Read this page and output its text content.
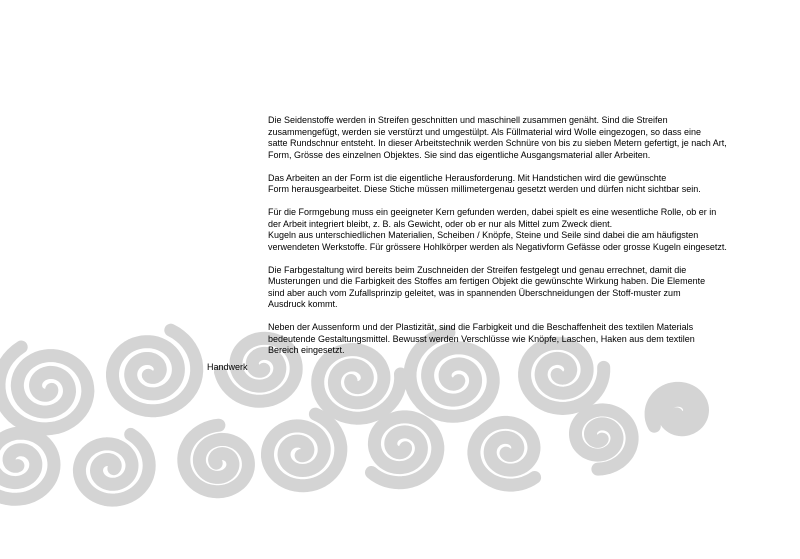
Handwerk

Die Seidenstoffe werden in Streifen geschnitten und maschinell zusammen genäht. Sind die Streifen
zusammengefügt, werden sie verstürzt und umgestülpt. Als Füllmaterial wird Wolle eingezogen, so dass eine
satte Rundschnur entsteht. In dieser Arbeitstechnik werden Schnüre von bis zu sieben Metern gefertigt, je nach Art,
Form, Grösse des einzelnen Objektes. Sie sind das eigentliche Ausgangsmaterial aller Arbeiten.

Das Arbeiten an der Form ist die eigentliche Herausforderung. Mit Handstichen wird die gewünschte
Form herausgearbeitet. Diese Stiche müssen millimetergenau gesetzt werden und dürfen nicht sichtbar sein.

Für die Formgebung muss ein geeigneter Kern gefunden werden, dabei spielt es eine wesentliche Rolle, ob er in
der Arbeit integriert bleibt, z. B. als Gewicht, oder ob er nur als Mittel zum Zweck dient.
Kugeln aus unterschiedlichen Materialien, Scheiben / Knöpfe, Steine und Seile sind dabei die am häufigsten
verwendeten Werkstoffe. Für grössere Hohlkörper werden als Negativform Gefässe oder grosse Kugeln eingesetzt.

Die Farbgestaltung wird bereits beim Zuschneiden der Streifen festgelegt und genau errechnet, damit die
Musterungen und die Farbigkeit des Stoffes am fertigen Objekt die gewünschte Wirkung haben. Die Elemente
sind aber auch vom Zufallsprinzip geleitet, was in spannenden Überschneidungen der Stoff-muster zum
Ausdruck kommt.

Neben der Aussenform und der Plastizität, sind die Farbigkeit und die Beschaffenheit des textilen Materials
bedeutende Gestaltungsmittel. Bewusst werden Verschlüsse wie Knöpfe, Laschen, Haken aus dem textilen
Bereich eingesetzt.
